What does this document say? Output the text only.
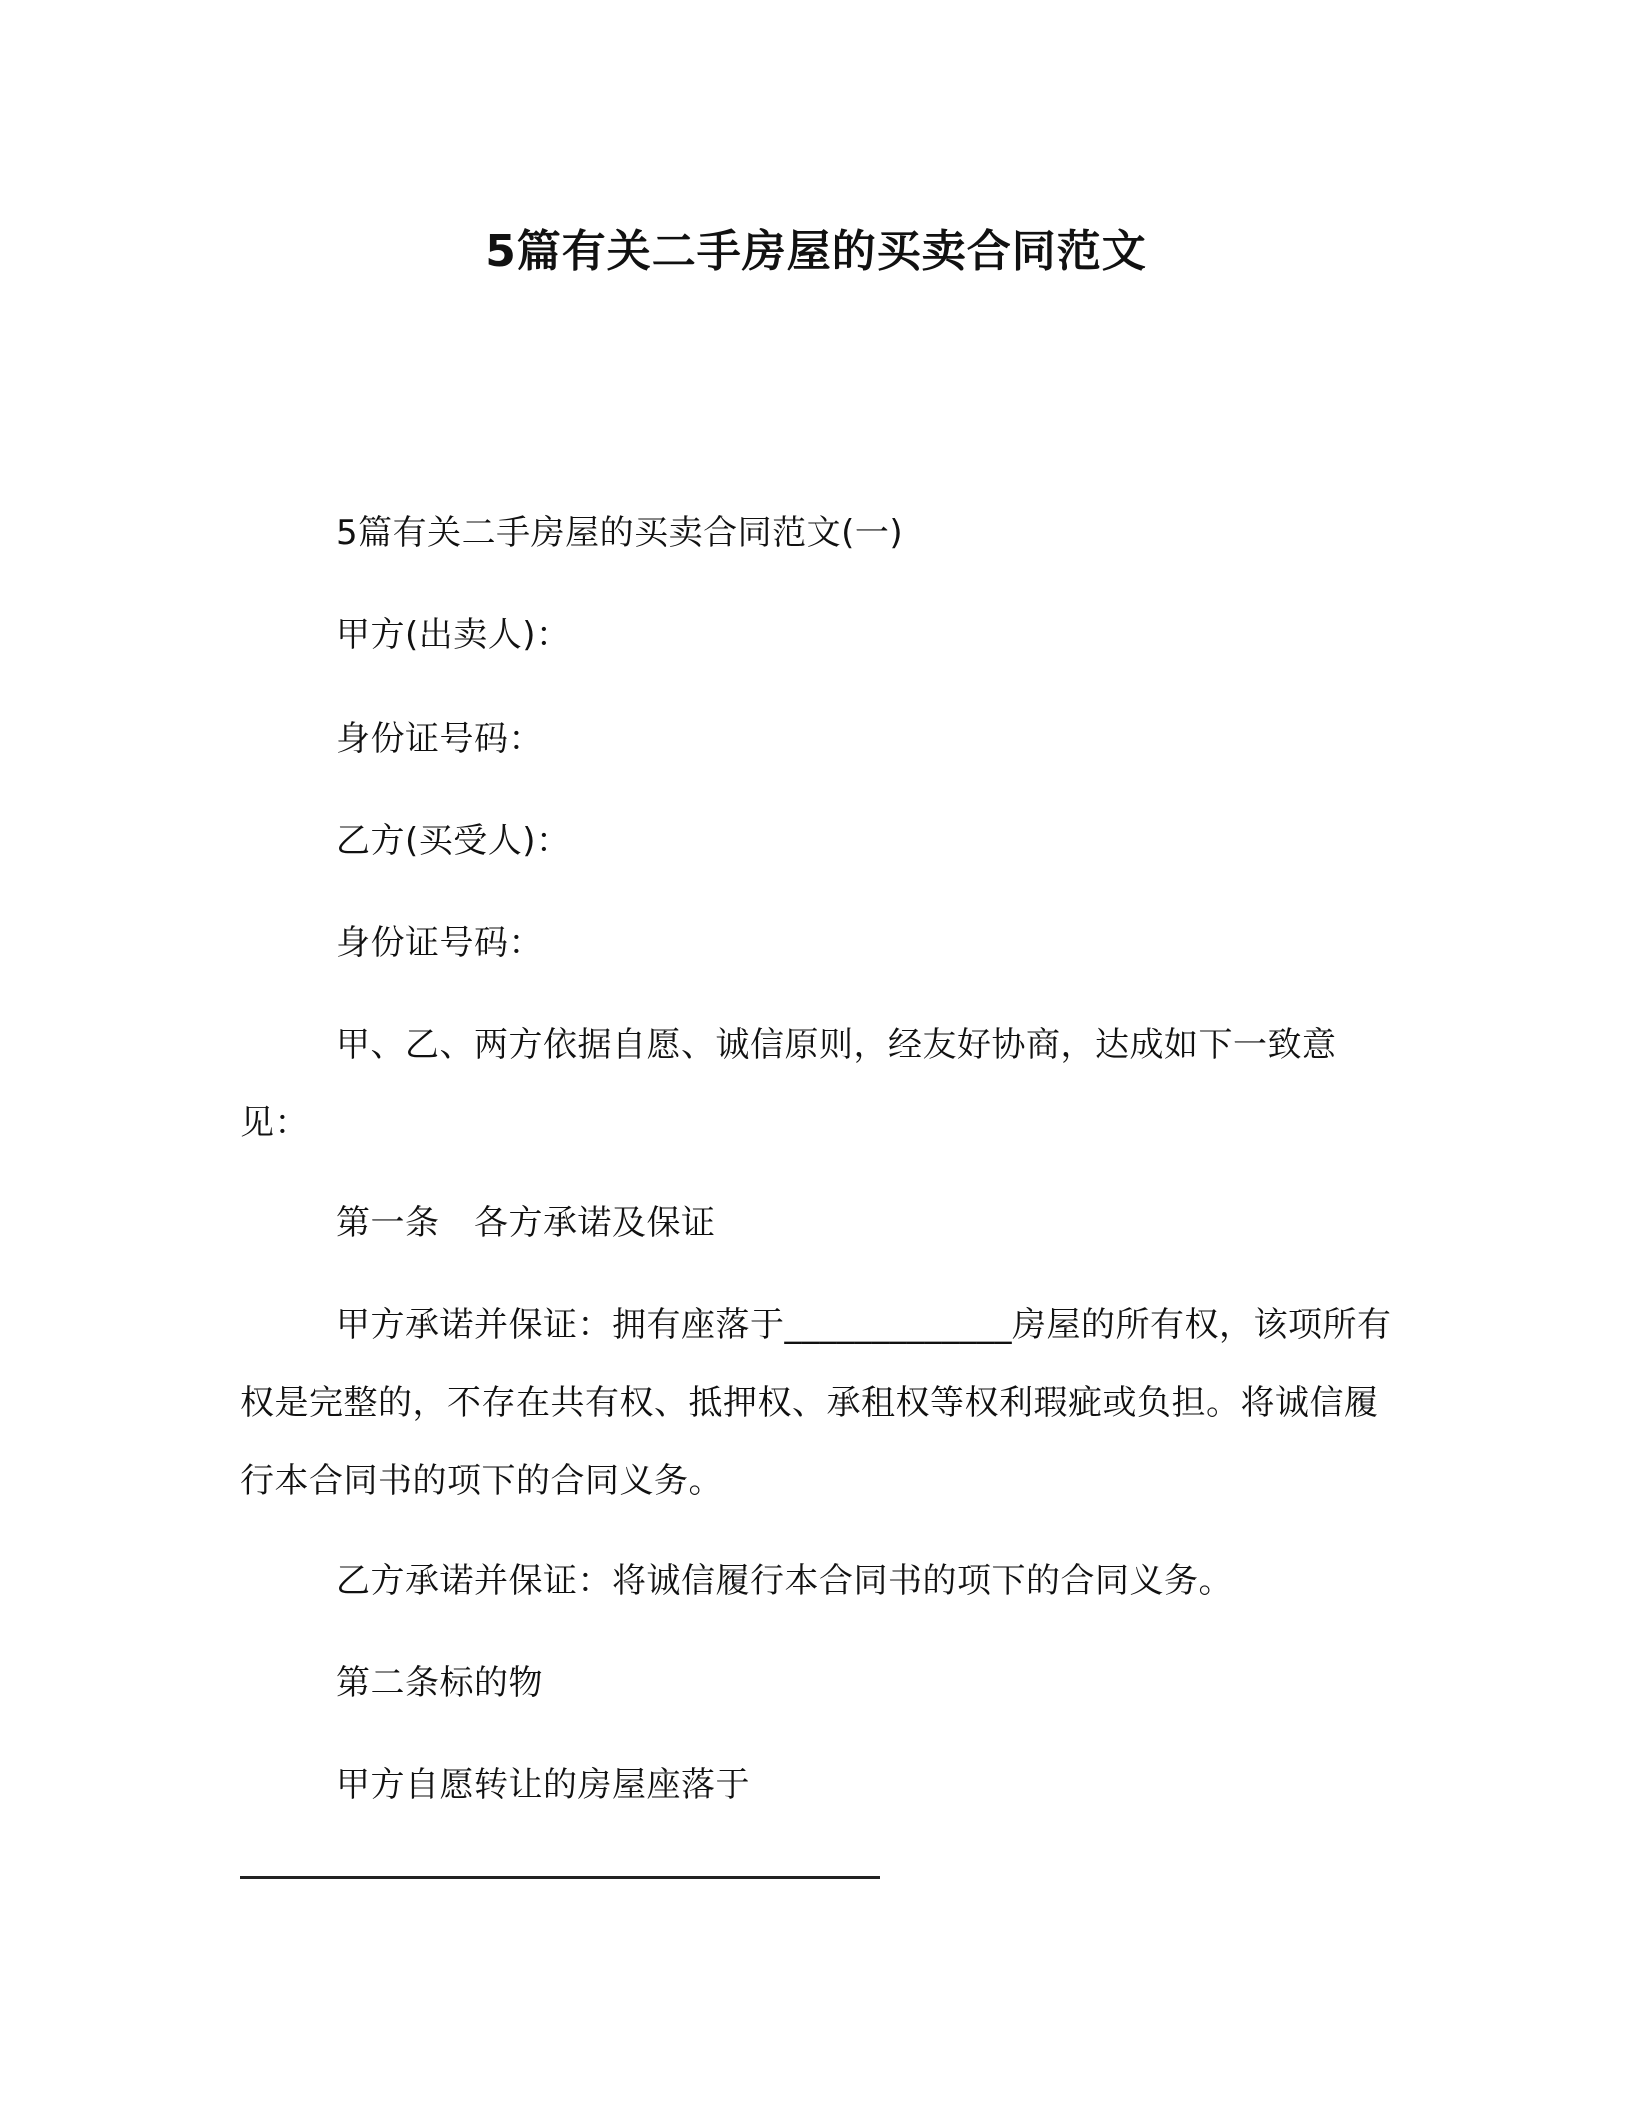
5篇有关二手房屋的买卖合同范文
5篇有关二手房屋的买卖合同范文(一)
甲方(出卖人)：
身份证号码：
乙方(买受人)：
身份证号码：
甲、乙、两方依据自愿、诚信原则，经友好协商，达成如下一致意见：
第一条　各方承诺及保证
甲方承诺并保证：拥有座落于_____________房屋的所有权，该项所有权是完整的，不存在共有权、抵押权、承租权等权利瑕疵或负担。将诚信履行本合同书的项下的合同义务。
乙方承诺并保证：将诚信履行本合同书的项下的合同义务。
第二条标的物
甲方自愿转让的房屋座落于
